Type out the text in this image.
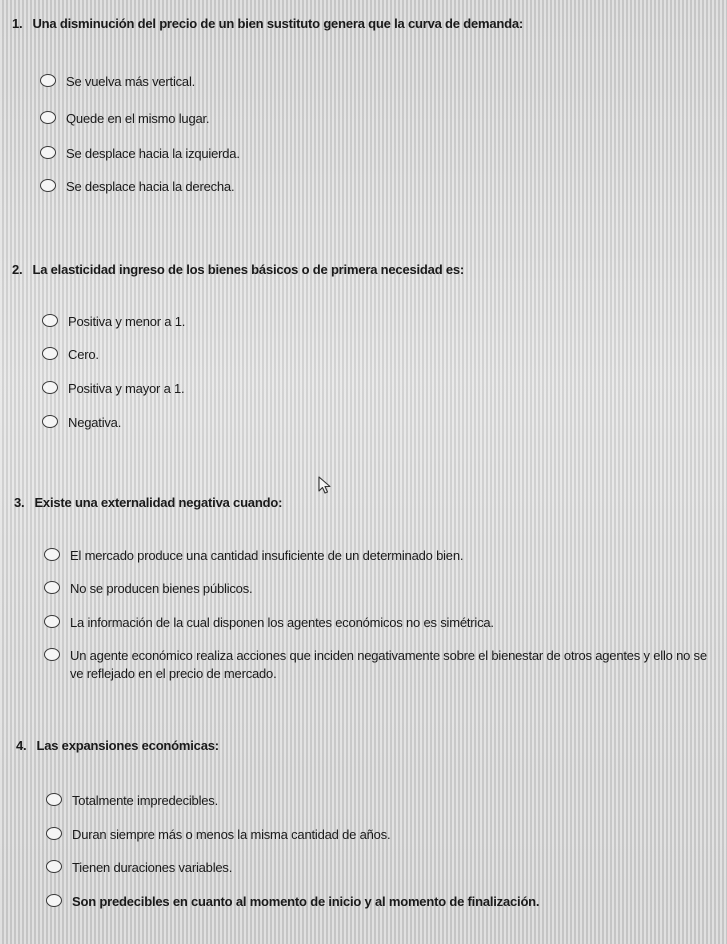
1. Una disminución del precio de un bien sustituto genera que la curva de demanda:
Se vuelva más vertical.
Quede en el mismo lugar.
Se desplace hacia la izquierda.
Se desplace hacia la derecha.
2. La elasticidad ingreso de los bienes básicos o de primera necesidad es:
Positiva y menor a 1.
Cero.
Positiva y mayor a 1.
Negativa.
3. Existe una externalidad negativa cuando:
El mercado produce una cantidad insuficiente de un determinado bien.
No se producen bienes públicos.
La información de la cual disponen los agentes económicos no es simétrica.
Un agente económico realiza acciones que inciden negativamente sobre el bienestar de otros agentes y ello no se ve reflejado en el precio de mercado.
4. Las expansiones económicas:
Totalmente impredecibles.
Duran siempre más o menos la misma cantidad de años.
Tienen duraciones variables.
Son predecibles en cuanto al momento de inicio y al momento de finalización.
